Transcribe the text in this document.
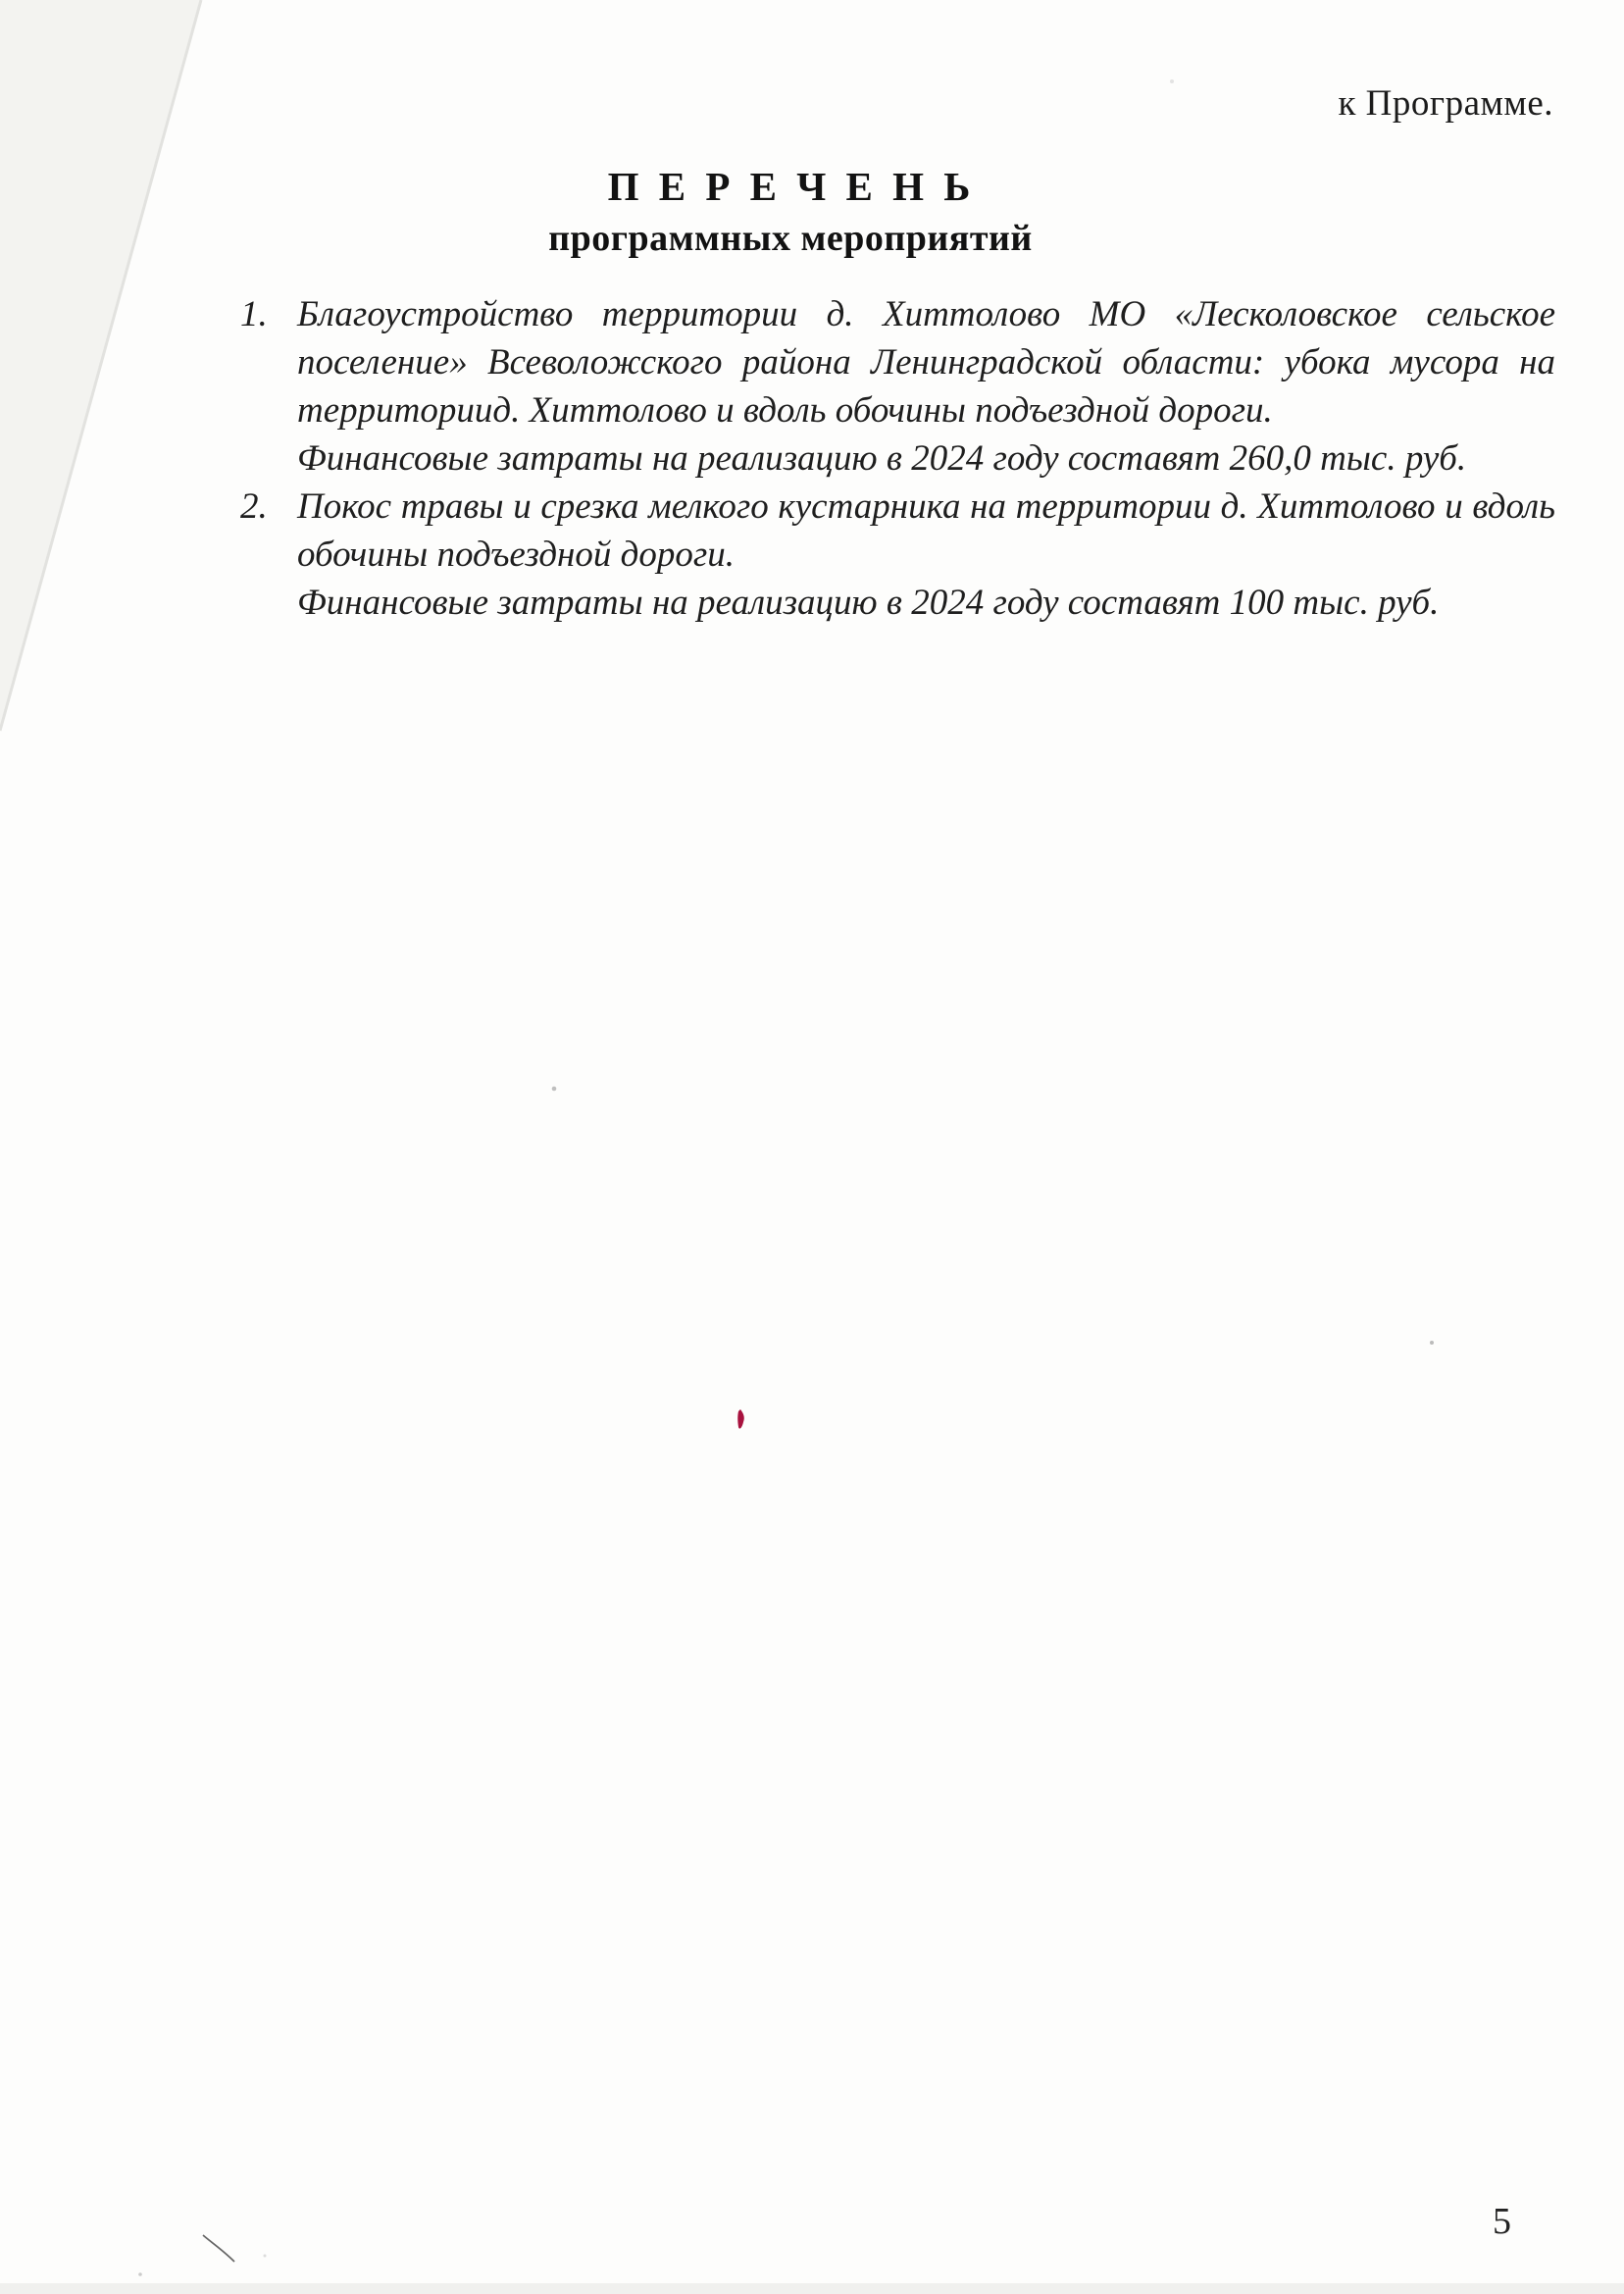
к Программе.
П Е Р Е Ч Е Н Ь
программных мероприятий
1. Благоустройство территории д. Хиттолово МО «Лесколовское сельское поселение» Всеволожского района Ленинградской области: убока мусора на территориид. Хиттолово и вдоль обочины подъездной дороги.

Финансовые затраты на реализацию в 2024 году составят 260,0 тыс. руб.

2. Покос травы и срезка мелкого кустарника на территории д. Хиттолово и вдоль обочины подъездной дороги.

Финансовые затраты на реализацию в 2024 году составят 100 тыс. руб.

5
